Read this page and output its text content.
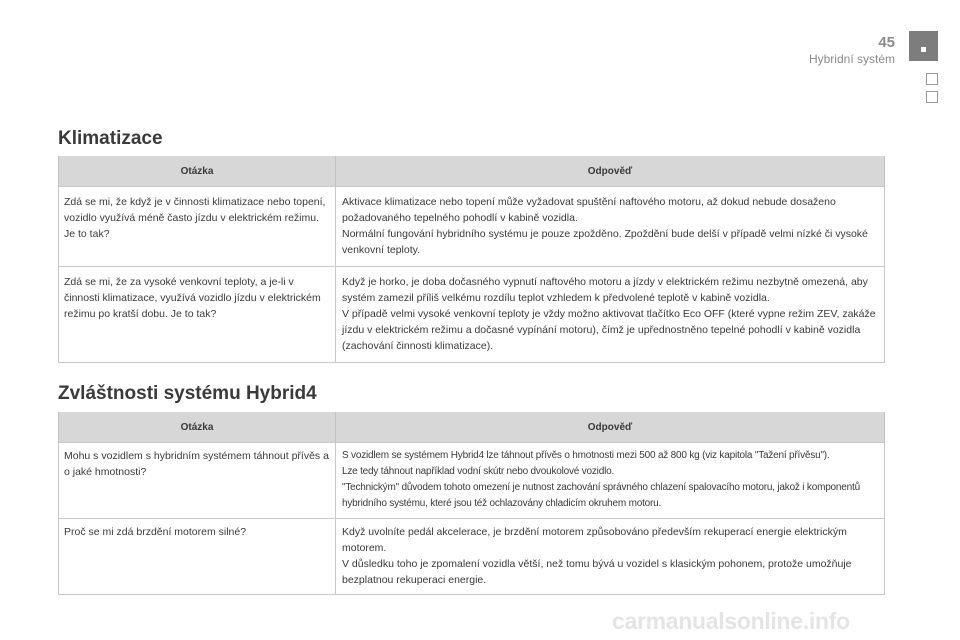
45
Hybridní systém
Klimatizace
Otázka	Odpověď
Zdá se mi, že když je v činnosti klimatizace nebo topení, vozidlo využívá méně často jízdu v elektrickém režimu. Je to tak?	Aktivace klimatizace nebo topení může vyžadovat spuštění naftového motoru, až dokud nebude dosaženo požadovaného tepelného pohodlí v kabině vozidla.
Normální fungování hybridního systému je pouze zpožděno. Zpoždění bude delší v případě velmi nízké či vysoké venkovní teploty.

Zdá se mi, že za vysoké venkovní teploty, a je-li v činnosti klimatizace, využívá vozidlo jízdu v elektrickém režimu po kratší dobu. Je to tak?	Když je horko, je doba dočasného vypnutí naftového motoru a jízdy v elektrickém režimu nezbytně omezená, aby systém zamezil příliš velkému rozdílu teplot vzhledem k předvolené teplotě v kabině vozidla.
V případě velmi vysoké venkovní teploty je vždy možno aktivovat tlačítko Eco OFF (které vypne režim ZEV, zakáže jízdu v elektrickém režimu a dočasné vypínání motoru), čímž je upřednostněno tepelné pohodlí v kabině vozidla (zachování činnosti klimatizace).
Zvláštnosti systému Hybrid4
Otázka	Odpověď
Mohu s vozidlem s hybridním systémem táhnout přívěs a o jaké hmotnosti?	S vozidlem se systémem Hybrid4 lze táhnout přívěs o hmotnosti mezi 500 až 800 kg (viz kapitola "Tažení přívěsu").
Lze tedy táhnout například vodní skútr nebo dvoukolové vozidlo.
"Technickým" důvodem tohoto omezení je nutnost zachování správného chlazení spalovacího motoru, jakož i komponentů hybridního systému, které jsou též ochlazovány chladicím okruhem motoru.

Proč se mi zdá brzdění motorem silné?	Když uvolníte pedál akcelerace, je brzdění motorem způsobováno především rekuperací energie elektrickým motorem.
V důsledku toho je zpomalení vozidla větší, než tomu bývá u vozidel s klasickým pohonem, protože umožňuje bezplatnou rekuperaci energie.
carmanualsonline.info
